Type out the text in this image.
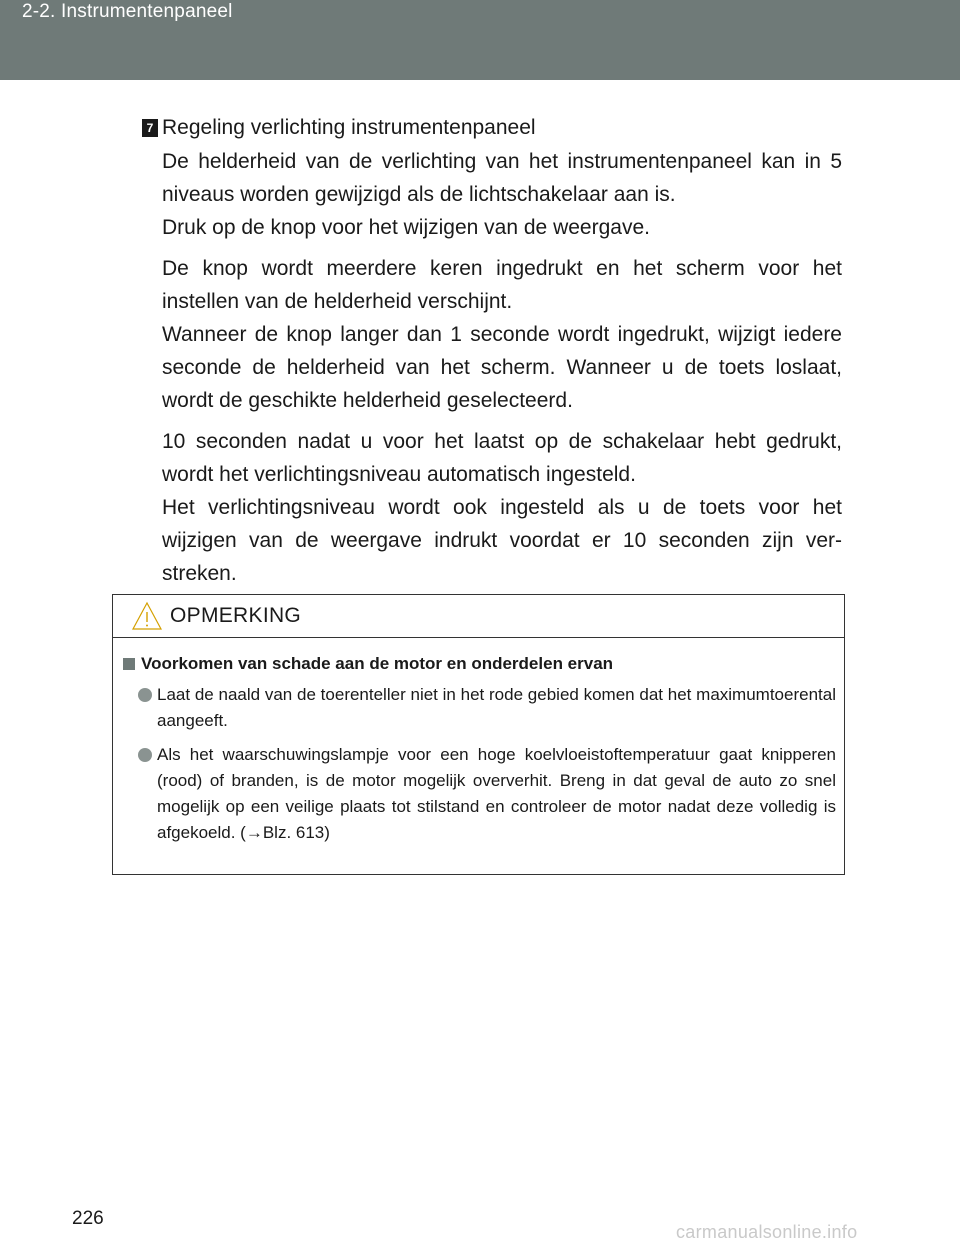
2-2. Instrumentenpaneel
7 Regeling verlichting instrumentenpaneel

De helderheid van de verlichting van het instrumentenpaneel kan in 5 niveaus worden gewijzigd als de lichtschakelaar aan is.

Druk op de knop voor het wijzigen van de weergave.

De knop wordt meerdere keren ingedrukt en het scherm voor het instellen van de helderheid verschijnt.

Wanneer de knop langer dan 1 seconde wordt ingedrukt, wijzigt iedere seconde de helderheid van het scherm. Wanneer u de toets loslaat, wordt de geschikte helderheid geselecteerd.

10 seconden nadat u voor het laatst op de schakelaar hebt gedrukt, wordt het verlichtingsniveau automatisch ingesteld.

Het verlichtingsniveau wordt ook ingesteld als u de toets voor het wijzigen van de weergave indrukt voordat er 10 seconden zijn ver-streken.

OPMERKING
Voorkomen van schade aan de motor en onderdelen ervan
Laat de naald van de toerenteller niet in het rode gebied komen dat het maximumtoerental aangeeft.
Als het waarschuwingslampje voor een hoge koelvloeistoftemperatuur gaat knipperen (rood) of branden, is de motor mogelijk oververhit. Breng in dat geval de auto zo snel mogelijk op een veilige plaats tot stilstand en controleer de motor nadat deze volledig is afgekoeld. (→Blz. 613)
226
carmanualsonline.info
